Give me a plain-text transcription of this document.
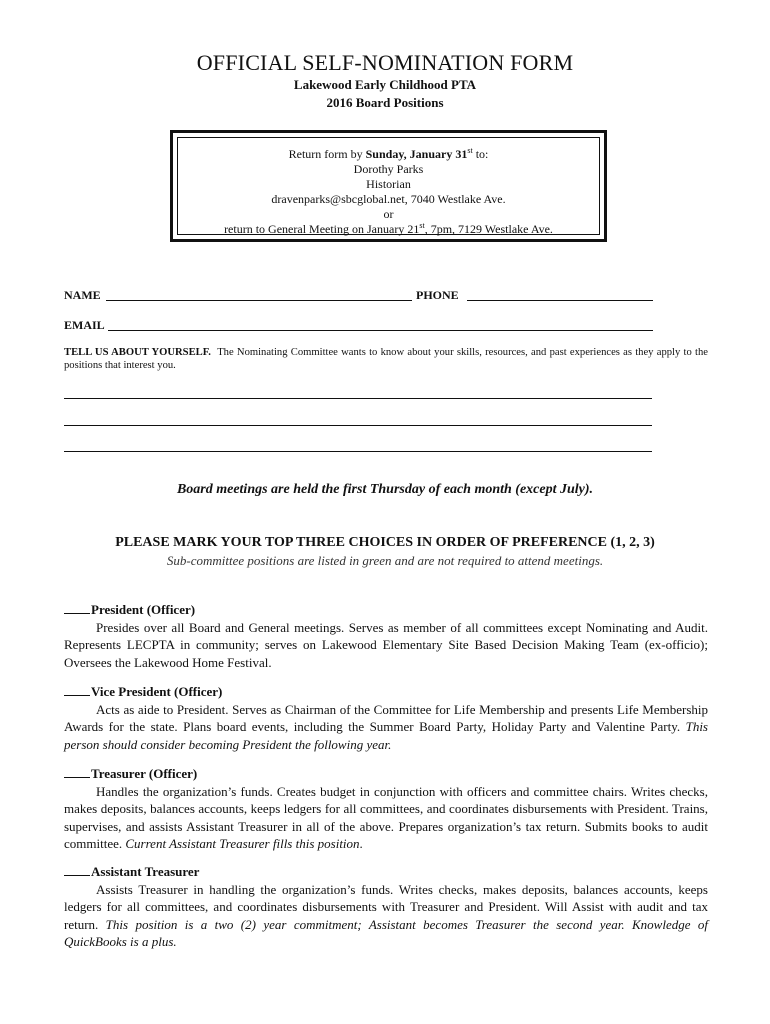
OFFICIAL SELF-NOMINATION FORM
Lakewood Early Childhood PTA
2016 Board Positions
Return form by Sunday, January 31st to:
Dorothy Parks
Historian
dravenparks@sbcglobal.net, 7040 Westlake Ave.
or
return to General Meeting on January 21st, 7pm, 7129 Westlake Ave.
NAME	PHONE
EMAIL
TELL US ABOUT YOURSELF. The Nominating Committee wants to know about your skills, resources, and past experiences as they apply to the positions that interest you.
Board meetings are held the first Thursday of each month (except July).
PLEASE MARK YOUR TOP THREE CHOICES IN ORDER OF PREFERENCE (1, 2, 3)
Sub-committee positions are listed in green and are not required to attend meetings.
President (Officer)
Presides over all Board and General meetings. Serves as member of all committees except Nominating and Audit. Represents LECPTA in community; serves on Lakewood Elementary Site Based Decision Making Team (ex-officio); Oversees the Lakewood Home Festival.
Vice President (Officer)
Acts as aide to President. Serves as Chairman of the Committee for Life Membership and presents Life Membership Awards for the state. Plans board events, including the Summer Board Party, Holiday Party and Valentine Party. This person should consider becoming President the following year.
Treasurer (Officer)
Handles the organization’s funds. Creates budget in conjunction with officers and committee chairs. Writes checks, makes deposits, balances accounts, keeps ledgers for all committees, and coordinates disbursements with President. Trains, supervises, and assists Assistant Treasurer in all of the above. Prepares organization’s tax return. Submits books to audit committee. Current Assistant Treasurer fills this position.
Assistant Treasurer
Assists Treasurer in handling the organization’s funds. Writes checks, makes deposits, balances accounts, keeps ledgers for all committees, and coordinates disbursements with Treasurer and President. Will Assist with audit and tax return. This position is a two (2) year commitment; Assistant becomes Treasurer the second year. Knowledge of QuickBooks is a plus.
